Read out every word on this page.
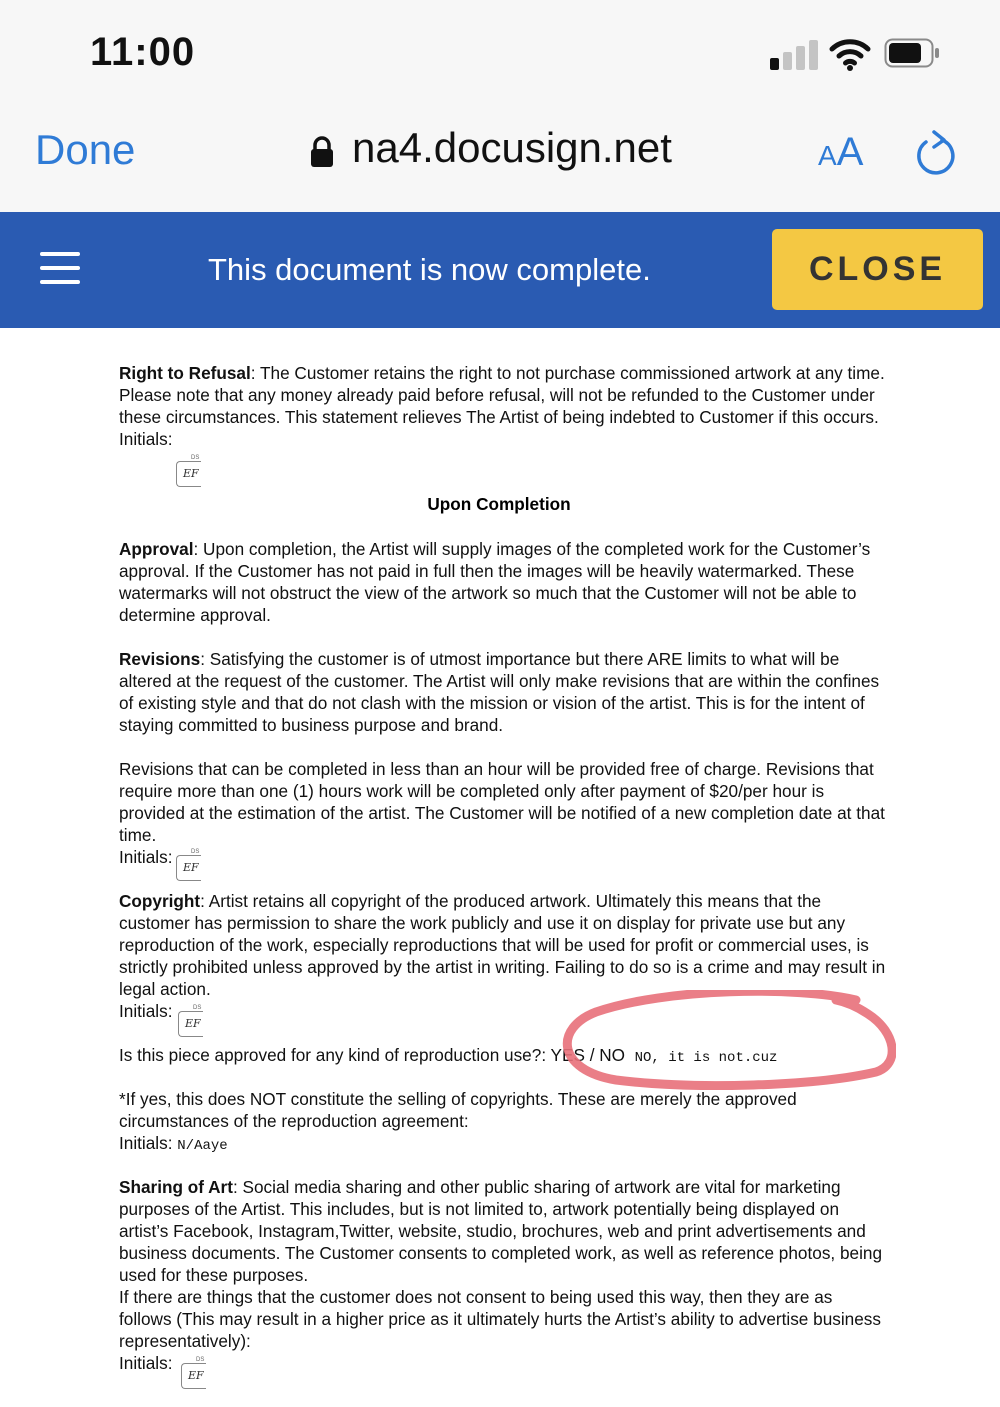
11:00
Done	na4.docusign.net	AA
This document is now complete.	CLOSE

Right to Refusal: The Customer retains the right to not purchase commissioned artwork at any time. Please note that any money already paid before refusal, will not be refunded to the Customer under these circumstances. This statement relieves The Artist of being indebted to Customer if this occurs.

Initials:

DS
EF
Upon Completion

Approval: Upon completion, the Artist will supply images of the completed work for the Customer’s approval. If the Customer has not paid in full then the images will be heavily watermarked. These watermarks will not obstruct the view of the artwork so much that the Customer will not be able to determine approval.

Revisions: Satisfying the customer is of utmost importance but there ARE limits to what will be altered at the request of the customer. The Artist will only make revisions that are within the confines of existing style and that do not clash with the mission or vision of the artist. This is for the intent of staying committed to business purpose and brand.

Revisions that can be completed in less than an hour will be provided free of charge. Revisions that require more than one (1) hours work will be completed only after payment of $20/per hour is provided at the estimation of the artist. The Customer will be notified of a new completion date at that time.

Initials:	DS
EF

Copyright: Artist retains all copyright of the produced artwork. Ultimately this means that the customer has permission to share the work publicly and use it on display for private use but any reproduction of the work, especially reproductions that will be used for profit or commercial uses, is strictly prohibited unless approved by the artist in writing. Failing to do so is a crime and may result in legal action.

Initials:	DS
EF
Is this piece approved for any kind of reproduction use?: YES / NO NO, it is not.cuz

*If yes, this does NOT constitute the selling of copyrights. These are merely the approved circumstances of the reproduction agreement:

Initials: N/Aaye

Sharing of Art: Social media sharing and other public sharing of artwork are vital for marketing purposes of the Artist. This includes, but is not limited to, artwork potentially being displayed on artist’s Facebook, Instagram,Twitter, website, studio, brochures, web and print advertisements and business documents. The Customer consents to completed work, as well as reference photos, being used for these purposes.

If there are things that the customer does not consent to being used this way, then they are as follows (This may result in a higher price as it ultimately hurts the Artist’s ability to advertise business representatively):

Initials:	DS
EF
